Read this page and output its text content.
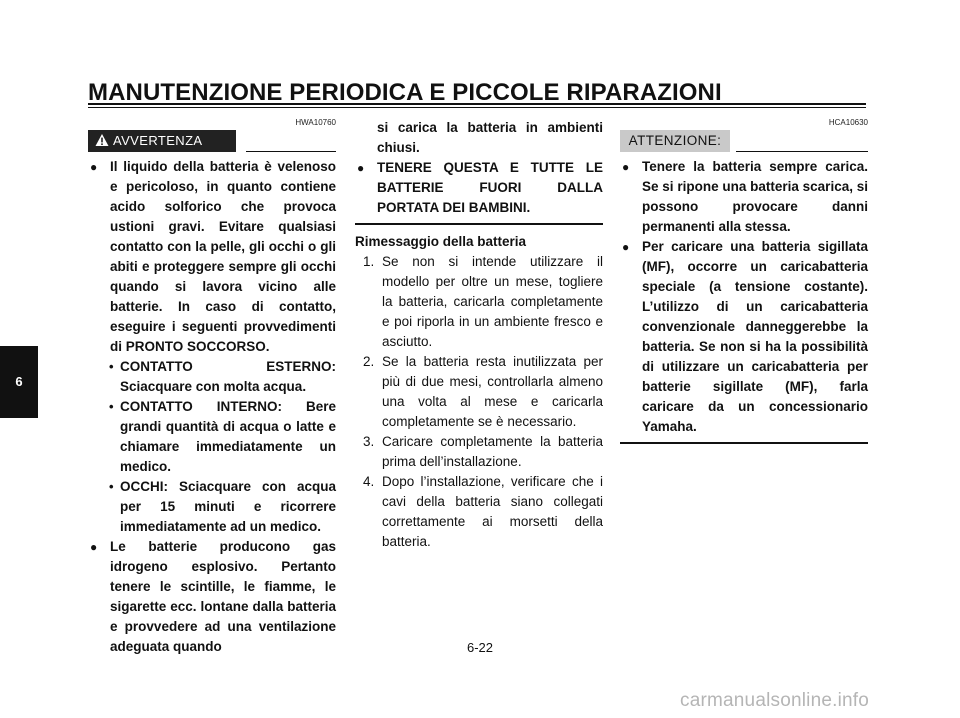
MANUTENZIONE PERIODICA E PICCOLE RIPARAZIONI
6
HWA10760
AVVERTENZA
● Il liquido della batteria è velenoso e pericoloso, in quanto contiene acido solforico che provoca ustioni gravi. Evitare qualsiasi contatto con la pelle, gli occhi o gli abiti e proteggere sempre gli occhi quando si lavora vicino alle batterie. In caso di contatto, eseguire i seguenti provvedimenti di PRONTO SOCCORSO.
• CONTATTO ESTERNO: Sciacquare con molta acqua.
• CONTATTO INTERNO: Bere grandi quantità di acqua o latte e chiamare immediatamente un medico.
• OCCHI: Sciacquare con acqua per 15 minuti e ricorrere immediatamente ad un medico.
● Le batterie producono gas idrogeno esplosivo. Pertanto tenere le scintille, le fiamme, le sigarette ecc. lontane dalla batteria e provvedere ad una ventilazione adeguata quando
si carica la batteria in ambienti chiusi.
● TENERE QUESTA E TUTTE LE BATTERIE FUORI DALLA PORTATA DEI BAMBINI.
Rimessaggio della batteria
1. Se non si intende utilizzare il modello per oltre un mese, togliere la batteria, caricarla completamente e poi riporla in un ambiente fresco e asciutto.
2. Se la batteria resta inutilizzata per più di due mesi, controllarla almeno una volta al mese e caricarla completamente se è necessario.
3. Caricare completamente la batteria prima dell’installazione.
4. Dopo l’installazione, verificare che i cavi della batteria siano collegati correttamente ai morsetti della batteria.
HCA10630
ATTENZIONE:
● Tenere la batteria sempre carica. Se si ripone una batteria scarica, si possono provocare danni permanenti alla stessa.
● Per caricare una batteria sigillata (MF), occorre un caricabatteria speciale (a tensione costante). L’utilizzo di un caricabatteria convenzionale danneggerebbe la batteria. Se non si ha la possibilità di utilizzare un caricabatteria per batterie sigillate (MF), farla caricare da un concessionario Yamaha.
6-22
carmanualsonline.info
